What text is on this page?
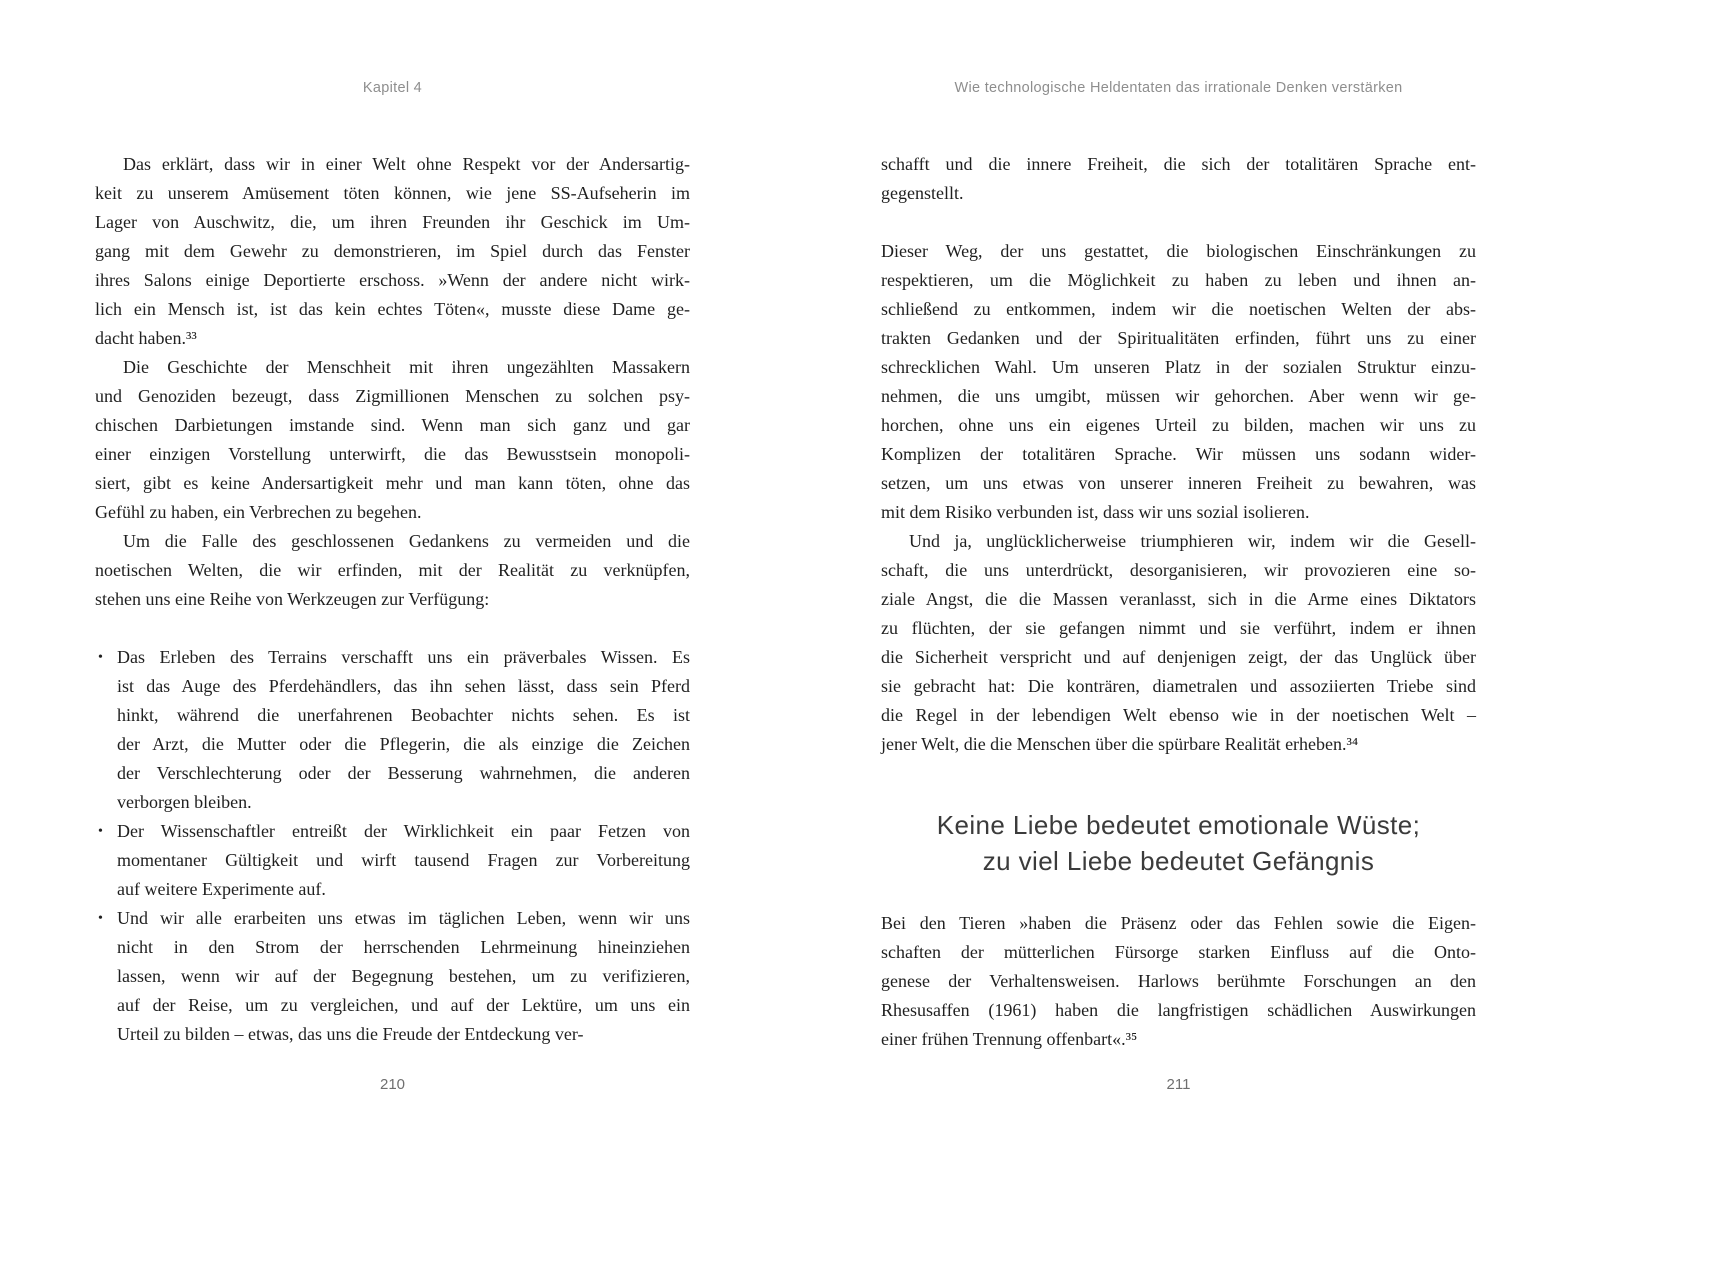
Kapitel 4
Das erklärt, dass wir in einer Welt ohne Respekt vor der Andersartig-
keit zu unserem Amüsement töten können, wie jene SS-Aufseherin im
Lager von Auschwitz, die, um ihren Freunden ihr Geschick im Um-
gang mit dem Gewehr zu demonstrieren, im Spiel durch das Fenster
ihres Salons einige Deportierte erschoss. »Wenn der andere nicht wirk-
lich ein Mensch ist, ist das kein echtes Töten«, musste diese Dame ge-
dacht haben.³³
Die Geschichte der Menschheit mit ihren ungezählten Massakern
und Genoziden bezeugt, dass Zigmillionen Menschen zu solchen psy-
chischen Darbietungen imstande sind. Wenn man sich ganz und gar
einer einzigen Vorstellung unterwirft, die das Bewusstsein monopoli-
siert, gibt es keine Andersartigkeit mehr und man kann töten, ohne das
Gefühl zu haben, ein Verbrechen zu begehen.
Um die Falle des geschlossenen Gedankens zu vermeiden und die
noetischen Welten, die wir erfinden, mit der Realität zu verknüpfen,
stehen uns eine Reihe von Werkzeugen zur Verfügung:
• Das Erleben des Terrains verschafft uns ein präverbales Wissen. Es
ist das Auge des Pferdehändlers, das ihn sehen lässt, dass sein Pferd
hinkt, während die unerfahrenen Beobachter nichts sehen. Es ist
der Arzt, die Mutter oder die Pflegerin, die als einzige die Zeichen
der Verschlechterung oder der Besserung wahrnehmen, die anderen
verborgen bleiben.
• Der Wissenschaftler entreißt der Wirklichkeit ein paar Fetzen von
momentaner Gültigkeit und wirft tausend Fragen zur Vorbereitung
auf weitere Experimente auf.
• Und wir alle erarbeiten uns etwas im täglichen Leben, wenn wir uns
nicht in den Strom der herrschenden Lehrmeinung hineinziehen
lassen, wenn wir auf der Begegnung bestehen, um zu verifizieren,
auf der Reise, um zu vergleichen, und auf der Lektüre, um uns ein
Urteil zu bilden – etwas, das uns die Freude der Entdeckung ver-
210
Wie technologische Heldentaten das irrationale Denken verstärken
schafft und die innere Freiheit, die sich der totalitären Sprache ent-
gegenstellt.
Dieser Weg, der uns gestattet, die biologischen Einschränkungen zu
respektieren, um die Möglichkeit zu haben zu leben und ihnen an-
schließend zu entkommen, indem wir die noetischen Welten der abs-
trakten Gedanken und der Spiritualitäten erfinden, führt uns zu einer
schrecklichen Wahl. Um unseren Platz in der sozialen Struktur einzu-
nehmen, die uns umgibt, müssen wir gehorchen. Aber wenn wir ge-
horchen, ohne uns ein eigenes Urteil zu bilden, machen wir uns zu
Komplizen der totalitären Sprache. Wir müssen uns sodann wider-
setzen, um uns etwas von unserer inneren Freiheit zu bewahren, was
mit dem Risiko verbunden ist, dass wir uns sozial isolieren.
Und ja, unglücklicherweise triumphieren wir, indem wir die Gesell-
schaft, die uns unterdrückt, desorganisieren, wir provozieren eine so-
ziale Angst, die die Massen veranlasst, sich in die Arme eines Diktators
zu flüchten, der sie gefangen nimmt und sie verführt, indem er ihnen
die Sicherheit verspricht und auf denjenigen zeigt, der das Unglück über
sie gebracht hat: Die konträren, diametralen und assoziierten Triebe sind
die Regel in der lebendigen Welt ebenso wie in der noetischen Welt –
jener Welt, die die Menschen über die spürbare Realität erheben.³⁴
Keine Liebe bedeutet emotionale Wüste;
zu viel Liebe bedeutet Gefängnis
Bei den Tieren »haben die Präsenz oder das Fehlen sowie die Eigen-
schaften der mütterlichen Fürsorge starken Einfluss auf die Onto-
genese der Verhaltensweisen. Harlows berühmte Forschungen an den
Rhesusaffen (1961) haben die langfristigen schädlichen Auswirkungen
einer frühen Trennung offenbart«.³⁵
211
